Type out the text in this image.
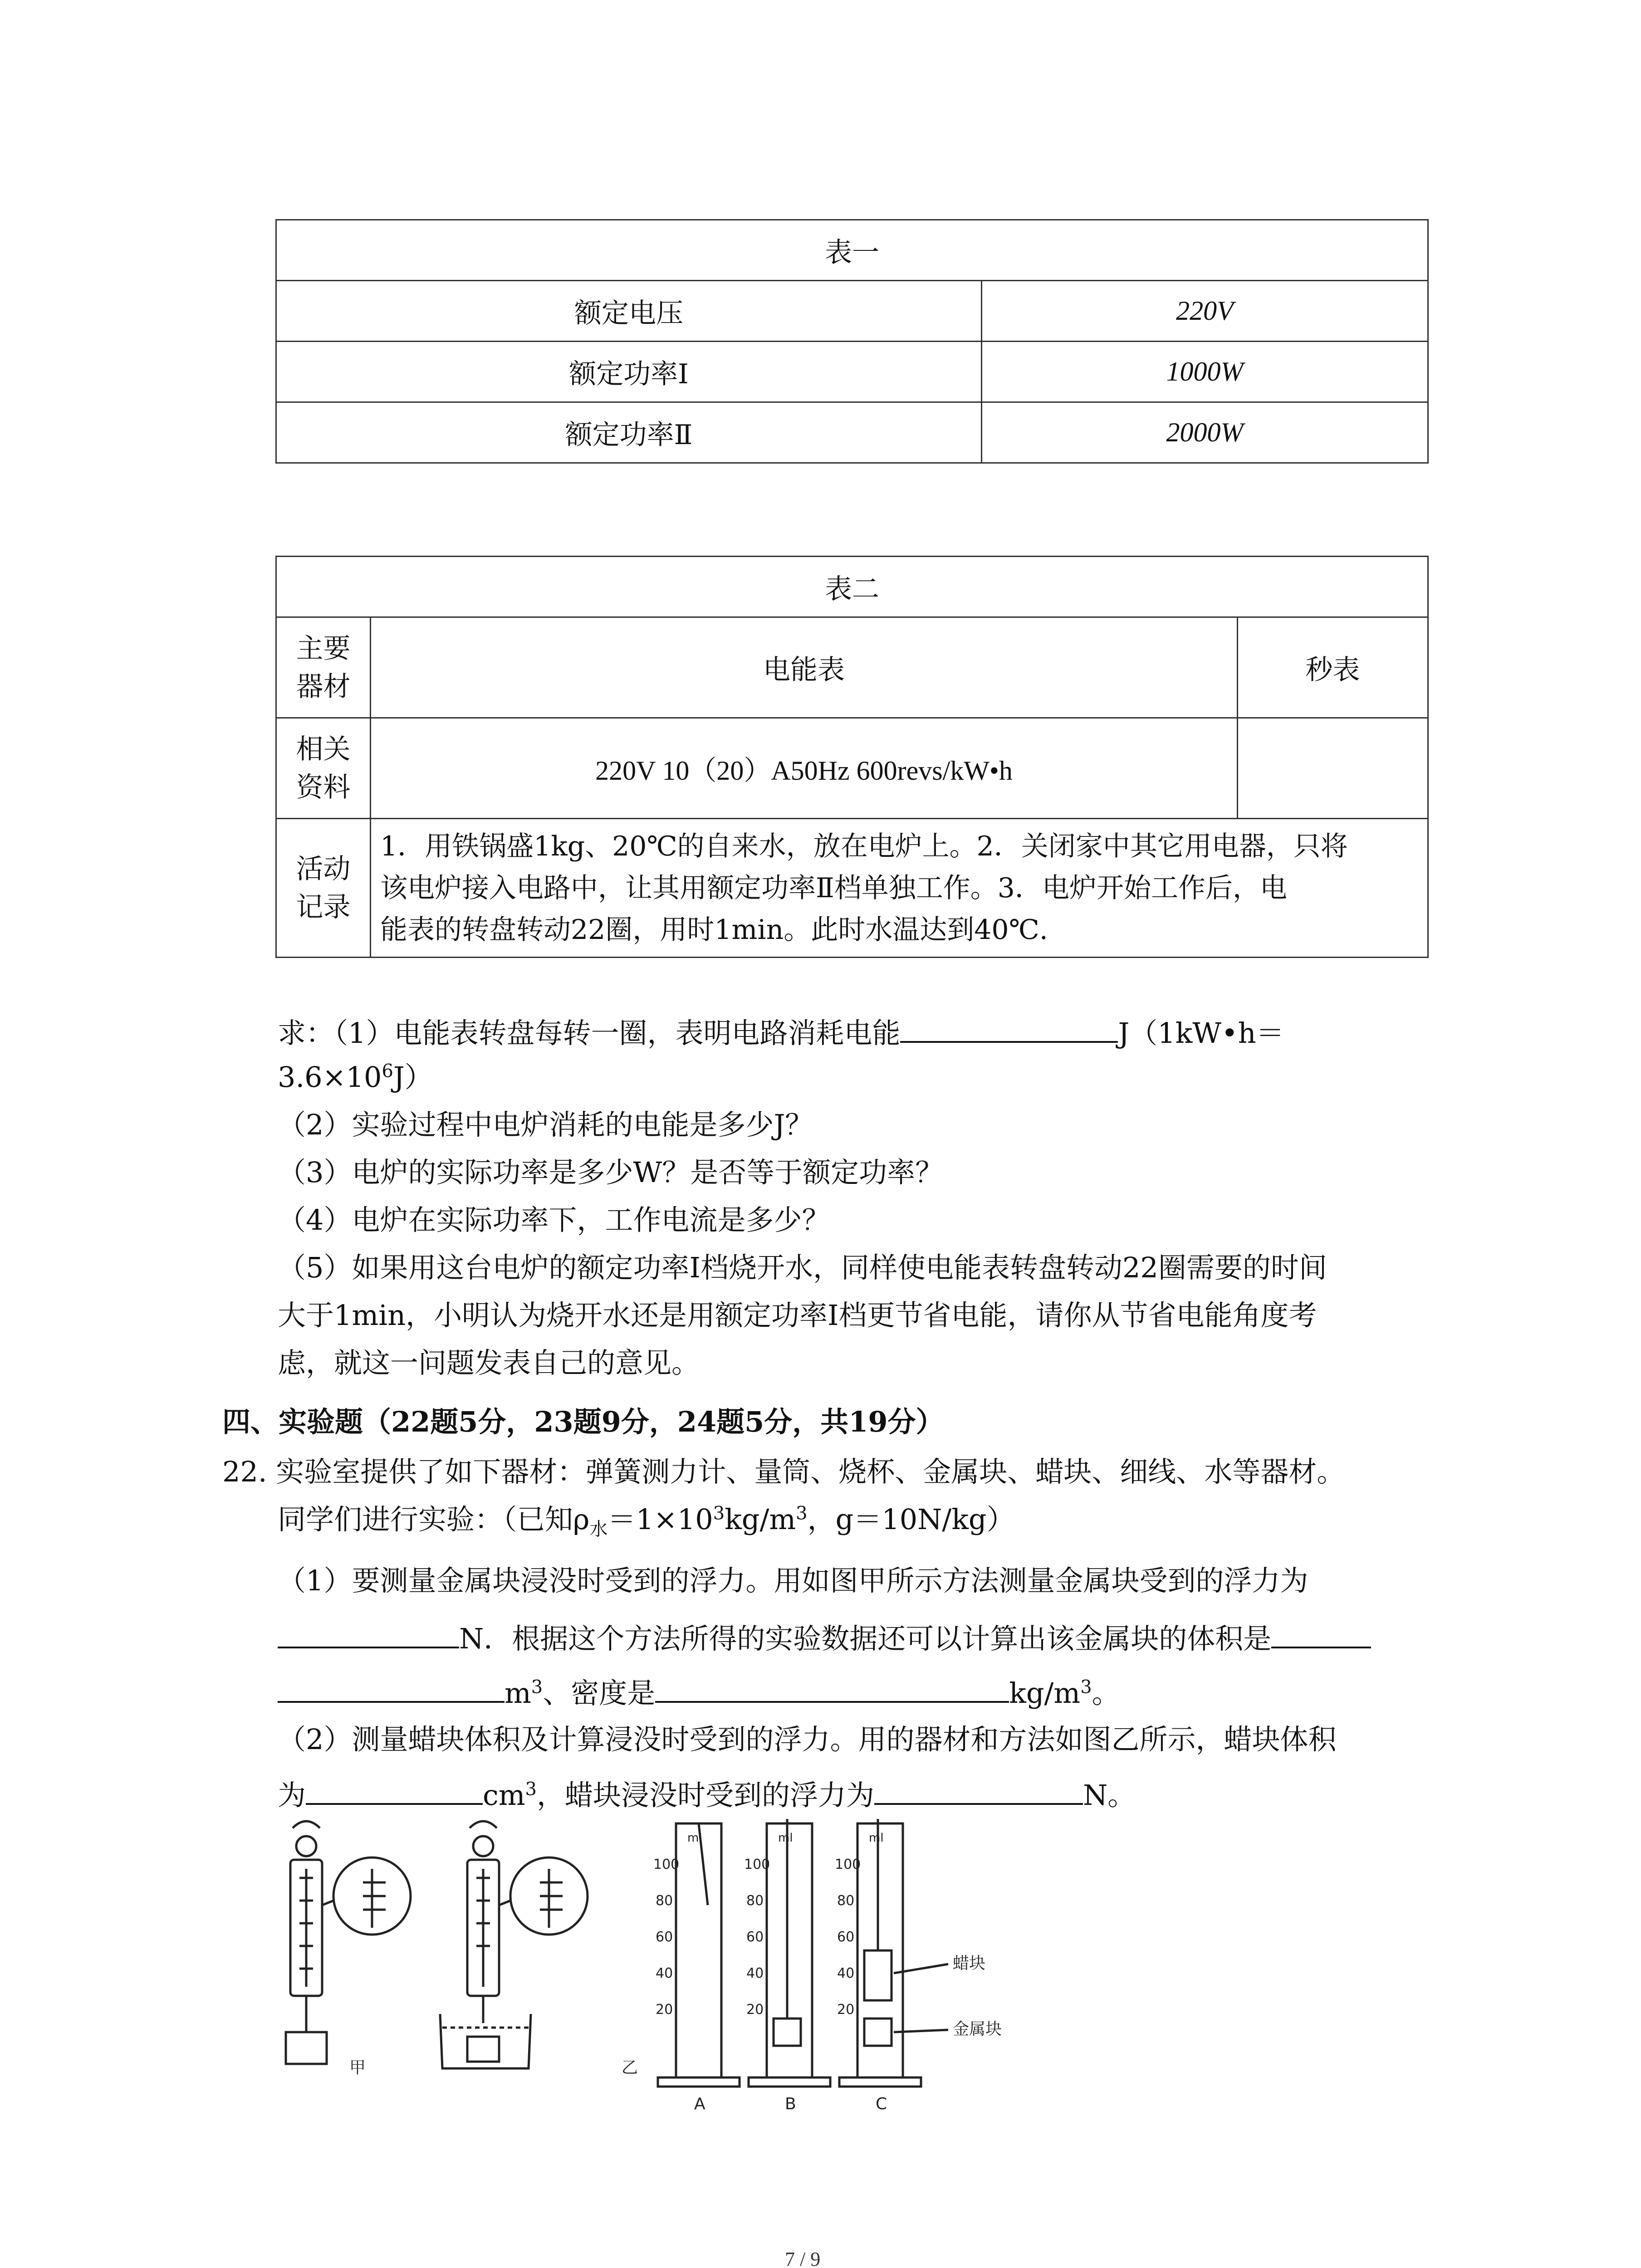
表一	
额定电压	220V
额定功率Ⅰ	1000W
额定功率Ⅱ	2000W
表二		

主要器材	电能表	秒表

相关资料	220V 10（20）A50Hz 600revs/kW•h	

活动记录	1．用铁锅盛1kg、20℃的自来水，放在电炉上。2．关闭家中其它用电器，只将
该电炉接入电路中，让其用额定功率Ⅱ档单独工作。3．电炉开始工作后，电
能表的转盘转动22圈，用时1min。此时水温达到40℃.	
求：（1）电能表转盘每转一圈，表明电路消耗电能	J（1kW•h＝
$3.6\times 10^6J$）
（2）实验过程中电炉消耗的电能是多少J？
（3）电炉的实际功率是多少W？是否等于额定功率？
（4）电炉在实际功率下，工作电流是多少？
（5）如果用这台电炉的额定功率Ⅰ档烧开水，同样使电能表转盘转动22圈需要的时间
大于1min，小明认为烧开水还是用额定功率Ⅰ档更节省电能，请你从节省电能角度考
虑，就这一问题发表自己的意见。
四、实验题（22题5分，23题9分，24题5分，共19分）
22. 实验室提供了如下器材：弹簧测力计、量筒、烧杯、金属块、蜡块、细线、水等器材。
同学们进行实验：（已知$\rho_水=1\times 10^3kg/m^3$，g＝10N/kg）
（1）要测量金属块浸没时受到的浮力。用如图甲所示方法测量金属块受到的浮力为
N．根据这个方法所得的实验数据还可以计算出该金属块的体积是
$m^3$、密度是	$kg/m^3$。
（2）测量蜡块体积及计算浸没时受到的浮力。用的器材和方法如图乙所示，蜡块体积
为	$cm^3$，蜡块浸没时受到的浮力为	N。
甲	乙
A	B	C
蜡块
金属块
ml	ml	ml
100
80
60
40
20
100
80
60
40
20
100
80
60
40
20
7 / 9
